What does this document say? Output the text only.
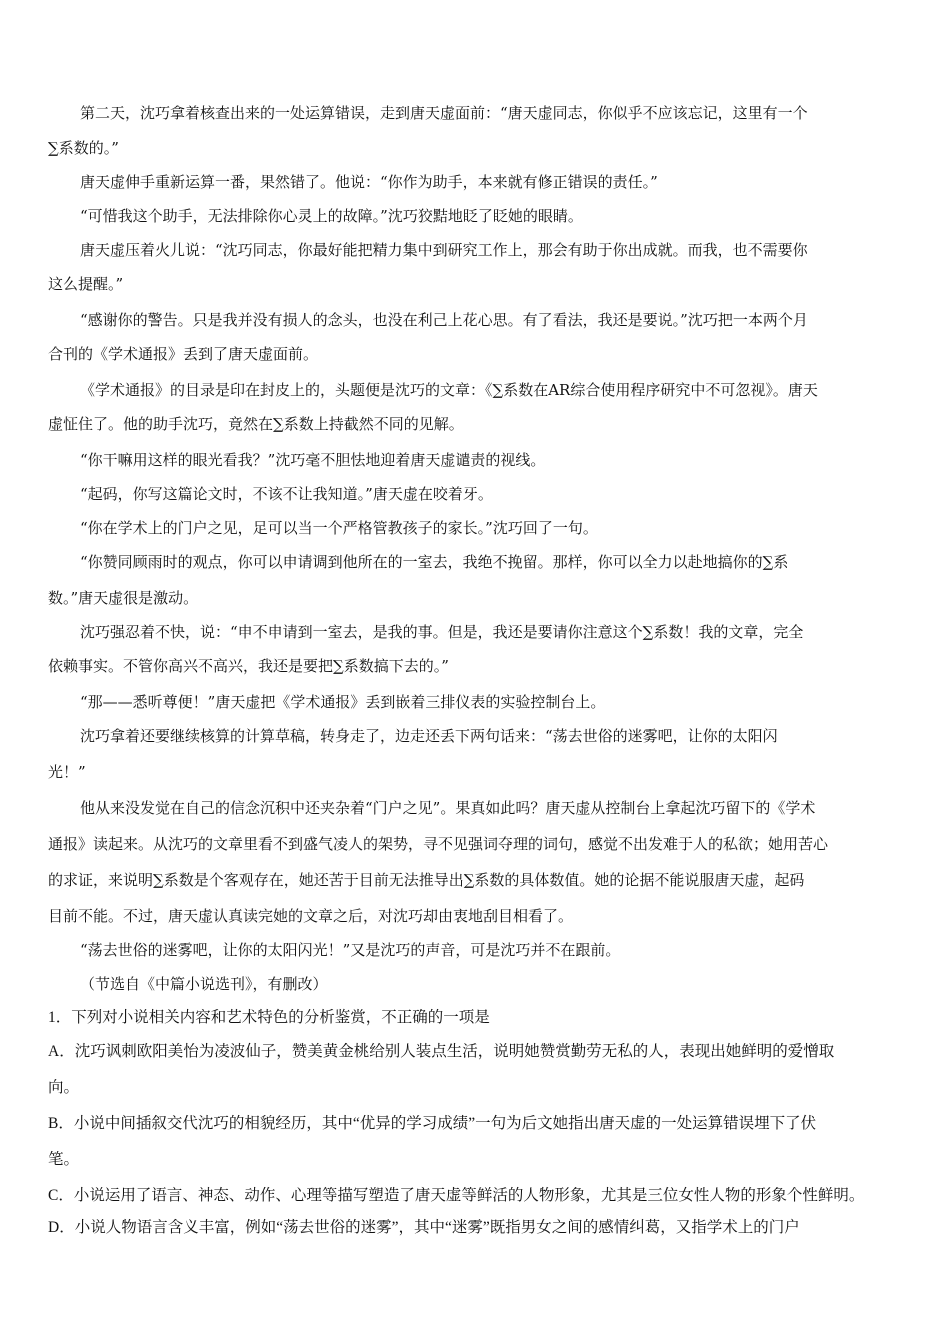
第二天，沈巧拿着核查出来的一处运算错误，走到唐天虚面前：“唐天虚同志，你似乎不应该忘记，这里有一个
∑系数的。”
唐天虚伸手重新运算一番，果然错了。他说：“你作为助手，本来就有修正错误的责任。”
“可惜我这个助手，无法排除你心灵上的故障。”沈巧狡黠地眨了眨她的眼睛。
唐天虚压着火儿说：“沈巧同志，你最好能把精力集中到研究工作上，那会有助于你出成就。而我，也不需要你
这么提醒。”
“感谢你的警告。只是我并没有损人的念头，也没在利己上花心思。有了看法，我还是要说。”沈巧把一本两个月
合刊的《学术通报》丢到了唐天虚面前。
《学术通报》的目录是印在封皮上的，头题便是沈巧的文章：《∑系数在AR综合使用程序研究中不可忽视》。唐天
虚怔住了。他的助手沈巧，竟然在∑系数上持截然不同的见解。
“你干嘛用这样的眼光看我？”沈巧毫不胆怯地迎着唐天虚谴责的视线。
“起码，你写这篇论文时，不该不让我知道。”唐天虚在咬着牙。
“你在学术上的门户之见，足可以当一个严格管教孩子的家长。”沈巧回了一句。
“你赞同顾雨时的观点，你可以申请调到他所在的一室去，我绝不挽留。那样，你可以全力以赴地搞你的∑系
数。”唐天虚很是激动。
沈巧强忍着不快，说：“申不申请到一室去，是我的事。但是，我还是要请你注意这个∑系数！我的文章，完全
依赖事实。不管你高兴不高兴，我还是要把∑系数搞下去的。”
“那——悉听尊便！”唐天虚把《学术通报》丢到嵌着三排仪表的实验控制台上。
沈巧拿着还要继续核算的计算草稿，转身走了，边走还丢下两句话来：“荡去世俗的迷雾吧，让你的太阳闪
光！”
他从来没发觉在自己的信念沉积中还夹杂着“门户之见”。果真如此吗？唐天虚从控制台上拿起沈巧留下的《学术
通报》读起来。从沈巧的文章里看不到盛气凌人的架势，寻不见强词夺理的词句，感觉不出发难于人的私欲；她用苦心
的求证，来说明∑系数是个客观存在，她还苦于目前无法推导出∑系数的具体数值。她的论据不能说服唐天虚，起码
目前不能。不过，唐天虚认真读完她的文章之后，对沈巧却由衷地刮目相看了。
“荡去世俗的迷雾吧，让你的太阳闪光！”又是沈巧的声音，可是沈巧并不在跟前。
（节选自《中篇小说选刊》，有删改）
1．下列对小说相关内容和艺术特色的分析鉴赏，不正确的一项是
A．沈巧讽刺欧阳美怡为凌波仙子，赞美黄金桃给别人装点生活，说明她赞赏勤劳无私的人，表现出她鲜明的爱憎取
向。
B．小说中间插叙交代沈巧的相貌经历，其中“优异的学习成绩”一句为后文她指出唐天虚的一处运算错误埋下了伏
笔。
C．小说运用了语言、神态、动作、心理等描写塑造了唐天虚等鲜活的人物形象，尤其是三位女性人物的形象个性鲜明。
D．小说人物语言含义丰富，例如“荡去世俗的迷雾”，其中“迷雾”既指男女之间的感情纠葛，又指学术上的门户
